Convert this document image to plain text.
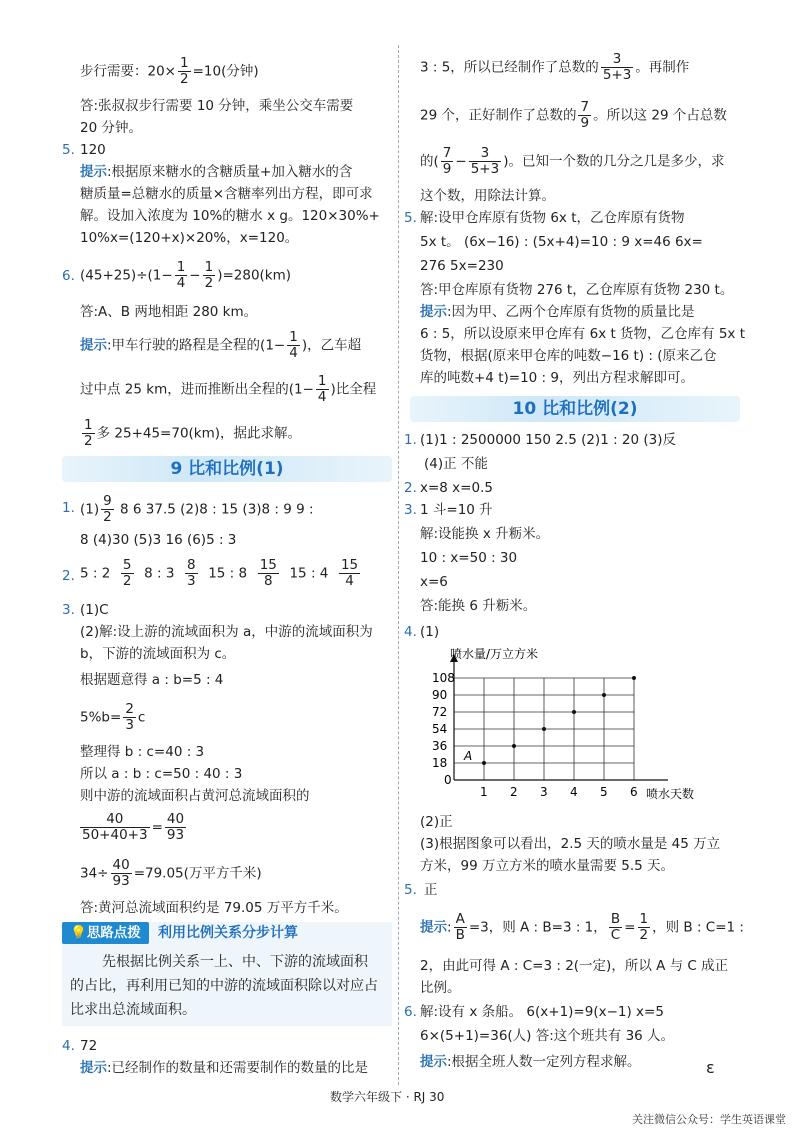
步行需要：$20\times \frac{1}{2} =10$(分钟)
答:张叔叔步行需要 10 分钟，乘坐公交车需要
20 分钟。
5. 120
提示:根据原来糖水的含糖质量+加入糖水的含
糖质量=总糖水的质量×含糖率列出方程，即可求
解。设加入浓度为 10%的糖水 x g。120×30%+
10%x=(120+x)×20%，x=120。
6. $(45+25)\div(1- \frac{1}{4} - \frac{1}{2} )=280(km)$
答:A、B 两地相距 280 km。
提示:甲车行驶的路程是全程的($1- \frac{1}{4}$ )，乙车超
过中点 25 km，进而推断出全程的($1- \frac{1}{4}$ )比全程
$\frac{1}{2}$ 多 25+45=70(km)，据此求解。
9 比和比例(1)
1. $(1) \frac{9}{2} 8$ 6 37.5 (2)8 : 15 (3)8 : 9 9 :
8 (4)30 (5)3 16 (6)5 : 3
2. 5 : $2 \frac{5}{2} 8$ : $3 \frac{8}{3} 15$ : $8 \frac{15}{8} 15$ : $4 \frac{15}{4}$
3. (1)C
(2)解:设上游的流域面积为 a，中游的流域面积为
b，下游的流域面积为 c。
根据题意得 a : b=5 : 4
$5\%b= \frac{2}{3}$ c
整理得 b : c=40 : 3
所以 a : b : c=50 : 40 : 3
则中游的流域面积占黄河总流域面积的
$\frac{40}{50+40+3} = \frac{40}{93}$
$34\div \frac{40}{93} =79.05$(万平方千米)
答:黄河总流域面积约是 79.05 万平方千米。
💡思路点拨	利用比例关系分步计算
先根据比例关系一上、中、下游的流域面积
的占比，再利用已知的中游的流域面积除以对应占
比求出总流域面积。
4. 72
提示:已经制作的数量和还需要制作的数量的比是
3 : 5，所以已经制作了总数的 $\frac{3}{5+3}$ 。再制作
29 个，正好制作了总数的 $\frac{7}{9}$ 。所以这 29 个占总数
的( $\frac{7}{9} - \frac{3}{5+3}$ )。已知一个数的几分之几是多少，求
这个数，用除法计算。
5. 解:设甲仓库原有货物 6x t，乙仓库原有货物
5x t。 (6x−16) : (5x+4)=10 : 9 x=46 6x=
276 5x=230
答:甲仓库原有货物 276 t，乙仓库原有货物 230 t。
提示:因为甲、乙两个仓库原有货物的质量比是
6 : 5，所以设原来甲仓库有 6x t 货物，乙仓库有 5x t
货物，根据(原来甲仓库的吨数−16 t) : (原来乙仓
库的吨数+4 t)=10 : 9，列出方程求解即可。
10 比和比例(2)
1. (1)1 : 2500000 150 2.5 (2)1 : 20 (3)反
(4)正 不能
2. x=8 x=0.5
3. 1 斗=10 升
解:设能换 x 升粝米。
10 : x=50 : 30
x=6
答:能换 6 升粝米。
4. (1)
1 2 3 4 5 6
18
36
54
72
90
108
喷水量/万立方米
喷水天数
0
A
(2)正
(3)根据图象可以看出，2.5 天的喷水量是 45 万立
方米，99 万立方米的喷水量需要 5.5 天。
5. 正
提示: $\frac{A}{B} =3$，则 A : B=3 : 1， $\frac{B}{C} = \frac{1}{2}$ ，则 B : C=1 :
2，由此可得 A : C=3 : 2(一定)，所以 A 与 C 成正
比例。
6. 解:设有 x 条船。 6(x+1)=9(x−1) x=5
6×(5+1)=36(人) 答:这个班共有 36 人。
提示:根据全班人数一定列方程求解。	ε
数学六年级下 · RJ 30
关注微信公众号：学生英语课堂
